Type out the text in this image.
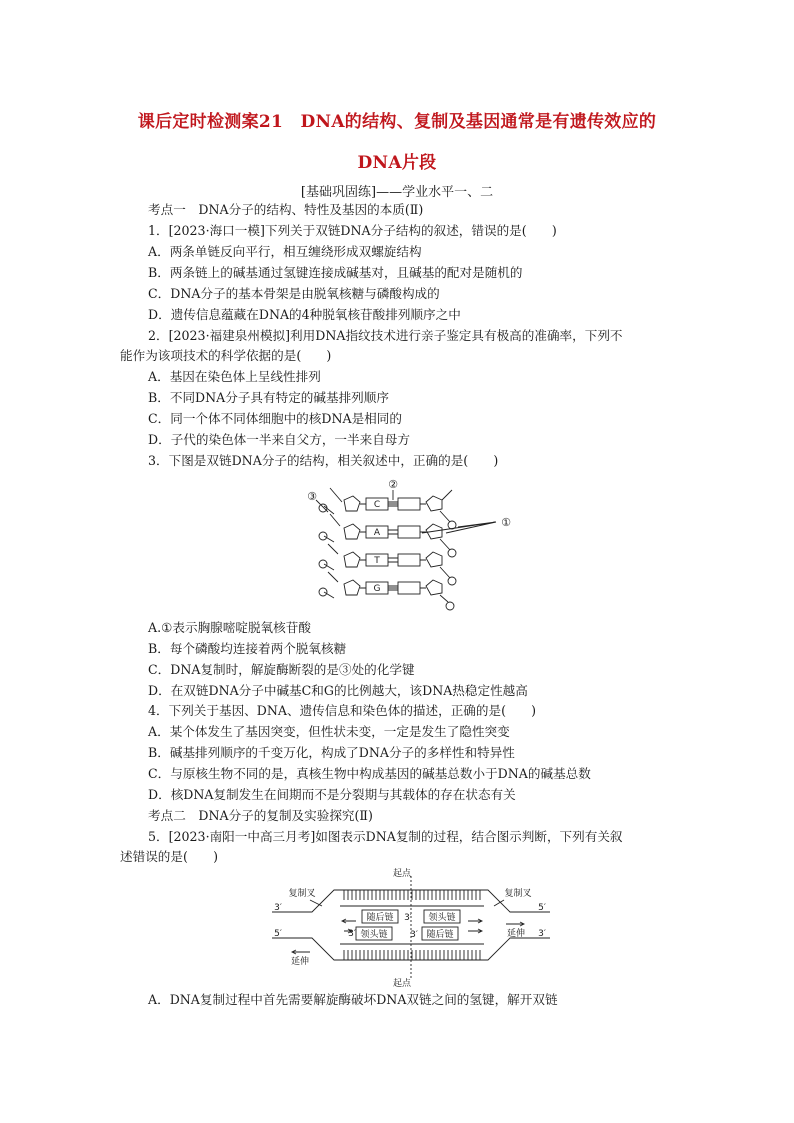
课后定时检测案21　DNA的结构、复制及基因通常是有遗传效应的
DNA片段
[基础巩固练]——学业水平一、二
考点一　DNA分子的结构、特性及基因的本质(Ⅱ)
1．[2023·海口一模]下列关于双链DNA分子结构的叙述，错误的是(　　)
A．两条单链反向平行，相互缠绕形成双螺旋结构
B．两条链上的碱基通过氢键连接成碱基对，且碱基的配对是随机的
C．DNA分子的基本骨架是由脱氧核糖与磷酸构成的
D．遗传信息蕴藏在DNA的4种脱氧核苷酸排列顺序之中
2．[2023·福建泉州模拟]利用DNA指纹技术进行亲子鉴定具有极高的准确率，下列不
能作为该项技术的科学依据的是(　　)
A．基因在染色体上呈线性排列
B．不同DNA分子具有特定的碱基排列顺序
C．同一个体不同体细胞中的核DNA是相同的
D．子代的染色体一半来自父方，一半来自母方
3．下图是双链DNA分子的结构，相关叙述中，正确的是(　　)
C
A
T
G
①
②
③
A.①表示胸腺嘧啶脱氧核苷酸
B．每个磷酸均连接着两个脱氧核糖
C．DNA复制时，解旋酶断裂的是③处的化学键
D．在双链DNA分子中碱基C和G的比例越大，该DNA热稳定性越高
4．下列关于基因、DNA、遗传信息和染色体的描述，正确的是(　　)
A．某个体发生了基因突变，但性状未变，一定是发生了隐性突变
B．碱基排列顺序的千变万化，构成了DNA分子的多样性和特异性
C．与原核生物不同的是，真核生物中构成基因的碱基总数小于DNA的碱基总数
D．核DNA复制发生在间期而不是分裂期与其载体的存在状态有关
考点二　DNA分子的复制及实验探究(Ⅱ)
5．[2023·南阳一中高三月考]如图表示DNA复制的过程，结合图示判断，下列有关叙
述错误的是(　　)
起点
起点
复制叉	复制叉
延伸
延伸
随后链	领头链
领头链	随后链
3′
5′
5′
3′
3′
3′	3′
A．DNA复制过程中首先需要解旋酶破坏DNA双链之间的氢键，解开双链
